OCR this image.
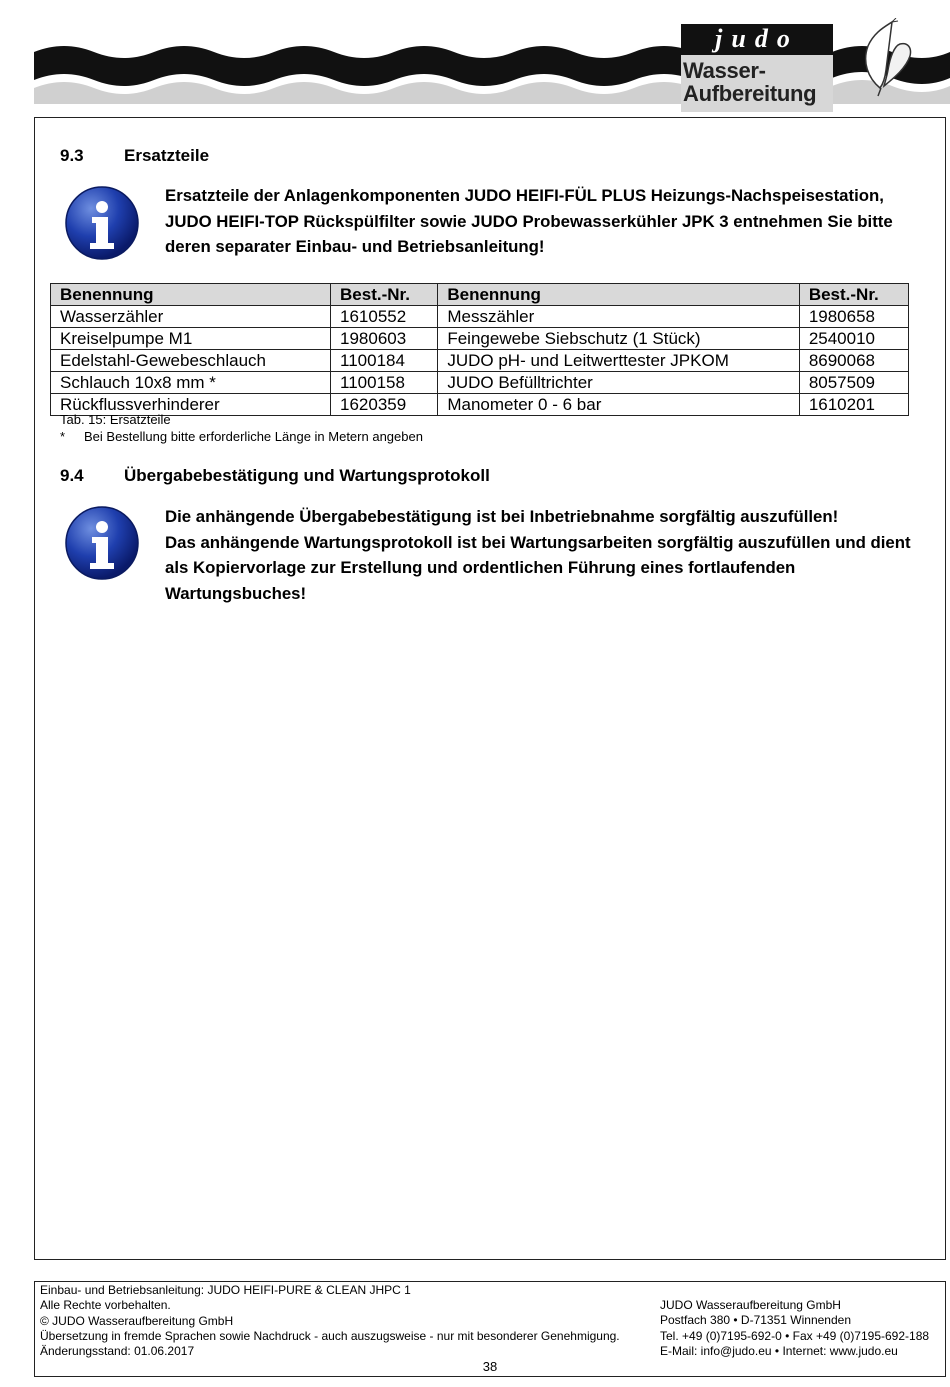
judo
Wasser-
Aufbereitung
9.3 Ersatzteile

Ersatzteile der Anlagenkomponenten JUDO HEIFI-FÜL PLUS Heizungs-Nachspeisestation, JUDO HEIFI-TOP Rückspülfilter sowie JUDO Probewasserkühler JPK 3 entnehmen Sie bitte deren separater Einbau- und Betriebsanleitung!

Benennung	Best.-Nr.	Benennung	Best.-Nr.
Wasserzähler	1610552	Messzähler	1980658
Kreiselpumpe M1	1980603	Feingewebe Siebschutz (1 Stück)	2540010
Edelstahl-Gewebeschlauch	1100184	JUDO pH- und Leitwerttester JPKOM	8690068
Schlauch 10x8 mm *	1100158	JUDO Befülltrichter	8057509
Rückflussverhinderer	1620359	Manometer 0 - 6 bar	1610201
Tab. 15: Ersatzteile
* Bei Bestellung bitte erforderliche Länge in Metern angeben
9.4 Übergabebestätigung und Wartungsprotokoll

Die anhängende Übergabebestätigung ist bei Inbetriebnahme sorgfältig auszufüllen!

Das anhängende Wartungsprotokoll ist bei Wartungsarbeiten sorgfältig auszufüllen und dient als Kopiervorlage zur Erstellung und ordentlichen Führung eines fortlaufenden Wartungsbuches!

Einbau- und Betriebsanleitung: JUDO HEIFI-PURE & CLEAN JHPC 1
Alle Rechte vorbehalten.
© JUDO Wasseraufbereitung GmbH
Übersetzung in fremde Sprachen sowie Nachdruck - auch auszugsweise - nur mit besonderer Genehmigung.
Änderungsstand: 01.06.2017
JUDO Wasseraufbereitung GmbH
Postfach 380 • D-71351 Winnenden
Tel. +49 (0)7195-692-0 • Fax +49 (0)7195-692-188
E-Mail: info@judo.eu • Internet: www.judo.eu
38
